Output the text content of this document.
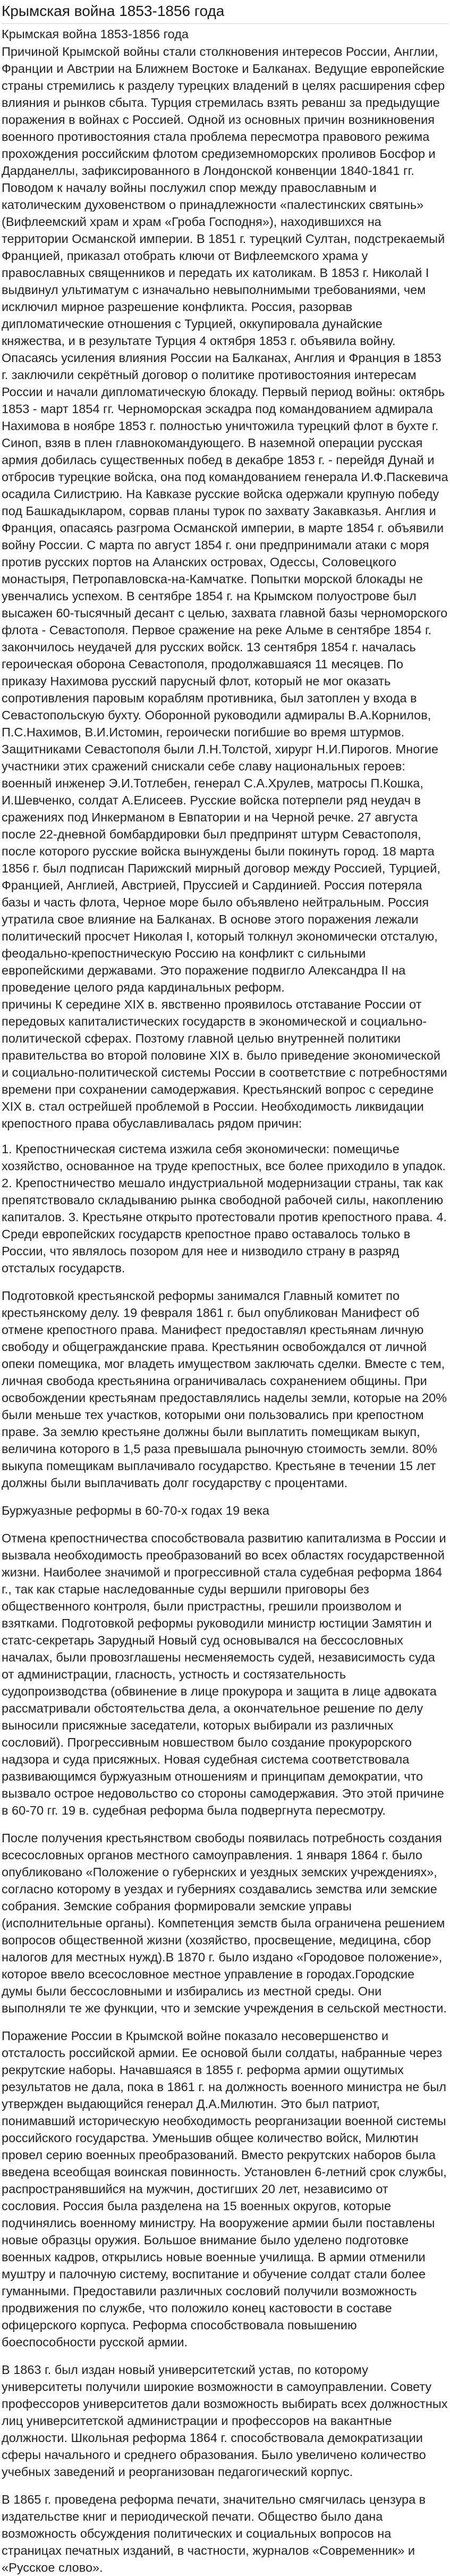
Крымская война 1853-1856 года
Крымская война 1853-1856 года

Причиной Крымской войны стали столкновения интересов России, Англии, Франции и Австрии на Ближнем Востоке и Балканах. Ведущие европейские страны стремились к разделу турецких владений в целях расширения сфер влияния и рынков сбыта. Турция стремилась взять реванш за предыдущие поражения в войнах с Россией. Одной из основных причин возникновения военного противостояния стала проблема пересмотра правового режима прохождения российским флотом средиземноморских проливов Босфор и Дарданеллы, зафиксированного в Лондонской конвенции 1840-1841 гг. Поводом к началу войны послужил спор между православным и католическим духовенством о принадлежности «палестинских святынь» (Вифлеемский храм и храм «Гроба Господня»), находившихся на территории Османской империи. В 1851 г. турецкий Султан, подстрекаемый Францией, приказал отобрать ключи от Вифлеемского храма у православных священников и передать их католикам. В 1853 г. Николай I выдвинул ультиматум с изначально невыполнимыми требованиями, чем исключил мирное разрешение конфликта. Россия, разорвав дипломатические отношения с Турцией, оккупировала дунайские княжества, и в результате Турция 4 октября 1853 г. объявила войну. Опасаясь усиления влияния России на Балканах, Англия и Франция в 1853 г. заключили секрётный договор о политике противостояния интересам России и начали дипломатическую блокаду. Первый период войны: октябрь 1853 - март 1854 гг. Черноморская эскадра под командованием адмирала Нахимова в ноябре 1853 г. полностью уничтожила турецкий флот в бухте г. Синоп, взяв в плен главнокомандующего. В наземной операции русская армия добилась существенных побед в декабре 1853 г. - перейдя Дунай и отбросив турецкие войска, она под командованием генерала И.Ф.Паскевича осадила Силистрию. На Кавказе русские войска одержали крупную победу под Башкадыкларом, сорвав планы турок по захвату Закавказья. Англия и Франция, опасаясь разгрома Османской империи, в марте 1854 г. объявили войну России. С марта по август 1854 г. они предпринимали атаки с моря против русских портов на Аланских островах, Одессы, Соловецкого монастыря, Петропавловска-на-Камчатке. Попытки морской блокады не увенчались успехом. В сентябре 1854 г. на Крымском полуострове был высажен 60-тысячный десант с целью, захвата главной базы черноморского флота - Севастополя. Первое сражение на реке Альме в сентябре 1854 г. закончилось неудачей для русских войск. 13 сентября 1854 г. началась героическая оборона Севастополя, продолжавшаяся 11 месяцев. По приказу Нахимова русский парусный флот, который не мог оказать сопротивления паровым кораблям противника, был затоплен у входа в Севастопольскую бухту. Оборонной руководили адмиралы В.А.Корнилов, П.С.Нахимов, В.И.Истомин, героически погибшие во время штурмов. Защитниками Севастополя были Л.Н.Толстой, хирург Н.И.Пирогов. Многие участники этих сражений снискали себе славу национальных героев: военный инженер Э.И.Тотлебен, генерал С.А.Хрулев, матросы П.Кошка, И.Шевченко, солдат А.Елисеев. Русские войска потерпели ряд неудач в сражениях под Инкерманом в Евпатории и на Черной речке. 27 августа после 22-дневной бомбардировки был предпринят штурм Севастополя, после которого русские войска вынуждены были покинуть город. 18 марта 1856 г. был подписан Парижский мирный договор между Россией, Турцией, Францией, Англией, Австрией, Пруссией и Сардинией. Россия потеряла базы и часть флота, Черное море было объявлено нейтральным. Россия утратила свое влияние на Балканах. В основе этого поражения лежали политический просчет Николая I, который толкнул экономически отсталую, феодально-крепостническую Россию на конфликт с сильными европейскими державами. Это поражение подвигло Александра II на проведение целого ряда кардинальных реформ.

причины К середине XIX в. явственно проявилось отставание России от передовых капиталистических государств в экономической и социально-политической сферах. Позтому главной целью внутренней политики правительства во второй половине XIX в. было приведение экономической и социально-политической системы России в соответствие с потребностями времени при сохранении самодержавия. Крестьянский вопрос с середине XIX в. стал острейшей проблемой в России. Необходимость ликвидации крепостного права обуславливалась рядом причин:

1. Крепостническая система изжила себя экономически: помещичье хозяйство, основанное на труде крепостных, все более приходило в упадок. 2. Крепостничество мешало индустриальной модернизации страны, так как препятствовало складыванию рынка свободной рабочей силы, накоплению капиталов. 3. Крестьяне открыто протестовали против крепостного права. 4. Среди европейских государств крепостное право оставалось только в России, что являлось позором для нее и низводило страну в разряд отсталых государств.

Подготовкой крестьянской реформы занимался Главный комитет по крестьянскому делу. 19 февраля 1861 г. был опубликован Манифест об отмене крепостного права. Манифест предоставлял крестьянам личную свободу и общегражданские права. Крестьянин освобождался от личной опеки помещика, мог владеть имуществом заключать сделки. Вместе с тем, личная свобода крестьянина ограничивалась сохранением общины. При освобождении крестьянам предоставлялись наделы земли, которые на 20% были меньше тех участков, которыми они пользовались при крепостном праве. За землю крестьяне должны были выплатить помещикам выкуп, величина которого в 1,5 раза превышала рыночную стоимость земли. 80% выкупа помещикам выплачивало государство. Крестьяне в течении 15 лет должны были выплачивать долг государству с процентами.

Буржуазные реформы в 60-70-х годах 19 века

Отмена крепостничества способствовала развитию капитализма в России и вызвала необходимость преобразований во всех областях государственной жизни. Наиболее значимой и прогрессивной стала судебная реформа 1864 г., так как старые наследованные суды вершили приговоры без общественного контроля, были пристрастны, грешили произволом и взятками. Подготовкой реформы руководили министр юстиции Замятин и статс-секретарь Зарудный Новый суд основывался на бессословных началах, были провозглашены несменяемость судей, независимость суда от администрации, гласность, устность и состязательность судопроизводства (обвинение в лице прокурора и защита в лице адвоката рассматривали обстоятельства дела, а окончательное решение по делу выносили присяжные заседатели, которых выбирали из различных сословий). Прогрессивным новшеством было создание прокурорского надзора и суда присяжных. Новая судебная система соответствовала развивающимся буржуазным отношениям и принципам демократии, что вызвало острое недовольство со стороны самодержавия. Это этой причине в 60-70 гг. 19 в. судебная реформа была подвергнута пересмотру.

После получения крестьянством свободы появилась потребность создания всесословных органов местного самоуправления. 1 января 1864 г. было опубликовано «Положение о губернских и уездных земских учреждениях», согласно которому в уездах и губерниях создавались земства или земские собрания. Земские собрания формировали земские управы (исполнительные органы). Компетенция земств была ограничена решением вопросов общественной жизни (хозяйство, просвещение, медицина, сбор налогов для местных нужд).В 1870 г. было издано «Городовое положение», которое ввело всесословное местное управление в городах.Городские думы были бессословными и избирались из местной среды. Они выполняли те же функции, что и земские учреждения в сельской местности.

Поражение России в Крымской войне показало несовершенство и отсталость российской армии. Ее основой были солдаты, набранные через рекрутские наборы. Начавшаяся в 1855 г. реформа армии ощутимых результатов не дала, пока в 1861 г. на должность военного министра не был утвержден выдающийся генерал Д.А.Милютин. Это был патриот, понимавший историческую необходимость реорганизации военной системы российского государства. Уменьшив общее количество войск, Милютин провел серию военных преобразований. Вместо рекрутских наборов была введена всеобщая воинская повинность. Установлен 6-летний срок службы, распространявшийся на мужчин, достигших 20 лет, независимо от сословия. Россия была разделена на 15 военных округов, которые подчинялись военному министру. На вооружение армии были поставлены новые образцы оружия. Большое внимание было уделено подготовке военных кадров, открылись новые военные училища. В армии отменили муштру и палочную систему, воспитание и обучение солдат стали более гуманными. Предоставили различных сословий получили возможность продвижения по службе, что положило конец кастовости в составе офицерского корпуса. Реформа способствовала повышению боеспособности русской армии.

В 1863 г. был издан новый университетский устав, по которому университеты получили широкие возможности в самоуправлении. Совету профессоров университетов дали возможность выбирать всех должностных лиц университетской администрации и профессоров на вакантные должности. Школьная реформа 1864 г. способствовала демократизации сферы начального и среднего образования. Было увеличено количество учебных заведений и реорганизован педагогический корпус.

В 1865 г. проведена реформа печати, значительно смягчилась цензура в издательстве книг и периодической печати. Общество было дана возможность обсуждения политических и социальных вопросов на страницах печатных изданий, в частности, журналов «Современник» и «Русское слово».
